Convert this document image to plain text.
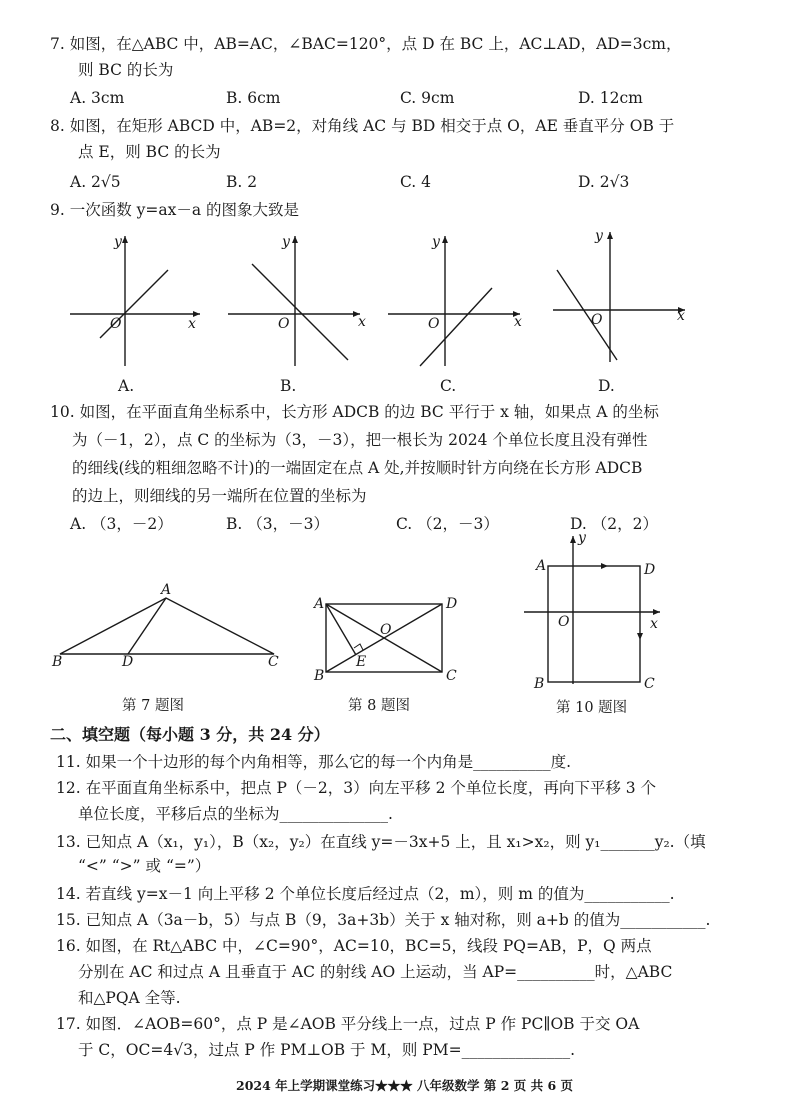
7. 如图，在△ABC 中，AB=AC，∠BAC=120°，点 D 在 BC 上，AC⊥AD，AD=3cm，
则 BC 的长为
A. 3cm	B. 6cm	C. 9cm	D. 12cm
8. 如图，在矩形 ABCD 中，AB=2，对角线 AC 与 BD 相交于点 O，AE 垂直平分 OB 于
点 E，则 BC 的长为
A. 2√5	B. 2	C. 4	D. 2√3
9. 一次函数 y=ax－a 的图象大致是
y
x
O
y
x
O
y
x
O
y
x
O
A.	B.	C.	D.
10. 如图，在平面直角坐标系中，长方形 ADCB 的边 BC 平行于 x 轴，如果点 A 的坐标
为（－1，2），点 C 的坐标为（3，－3），把一根长为 2024 个单位长度且没有弹性
的细线(线的粗细忽略不计)的一端固定在点 A 处,并按顺时针方向绕在长方形 ADCB
的边上，则细线的另一端所在位置的坐标为
A. （3，－2）	B. （3，－3）	C. （2，－3）	D. （2，2）
A
B	D	C
第 7 题图
A	D
B	C
O
E
第 8 题图
A	D
B	C
O	x
y
第 10 题图
二、填空题（每小题 3 分，共 24 分）
11. 如果一个十边形的每个内角相等，那么它的每一个内角是__________度.
12. 在平面直角坐标系中，把点 P（－2，3）向左平移 2 个单位长度，再向下平移 3 个
单位长度，平移后点的坐标为______________.
13. 已知点 A（x₁，y₁），B（x₂，y₂）在直线 y=－3x+5 上，且 x₁>x₂，则 y₁_______y₂.（填
“<” “>” 或 “=”）
14. 若直线 y=x－1 向上平移 2 个单位长度后经过点（2，m），则 m 的值为___________.
15. 已知点 A（3a－b，5）与点 B（9，3a+3b）关于 x 轴对称，则 a+b 的值为___________.
16. 如图，在 Rt△ABC 中，∠C=90°，AC=10，BC=5，线段 PQ=AB，P，Q 两点
分别在 AC 和过点 A 且垂直于 AC 的射线 AO 上运动，当 AP=__________时，△ABC
和△PQA 全等.
17. 如图．∠AOB=60°，点 P 是∠AOB 平分线上一点，过点 P 作 PC∥OB 于交 OA
于 C，OC=4√3，过点 P 作 PM⊥OB 于 M，则 PM=______________.
2024 年上学期课堂练习★★★ 八年级数学 第 2 页 共 6 页
